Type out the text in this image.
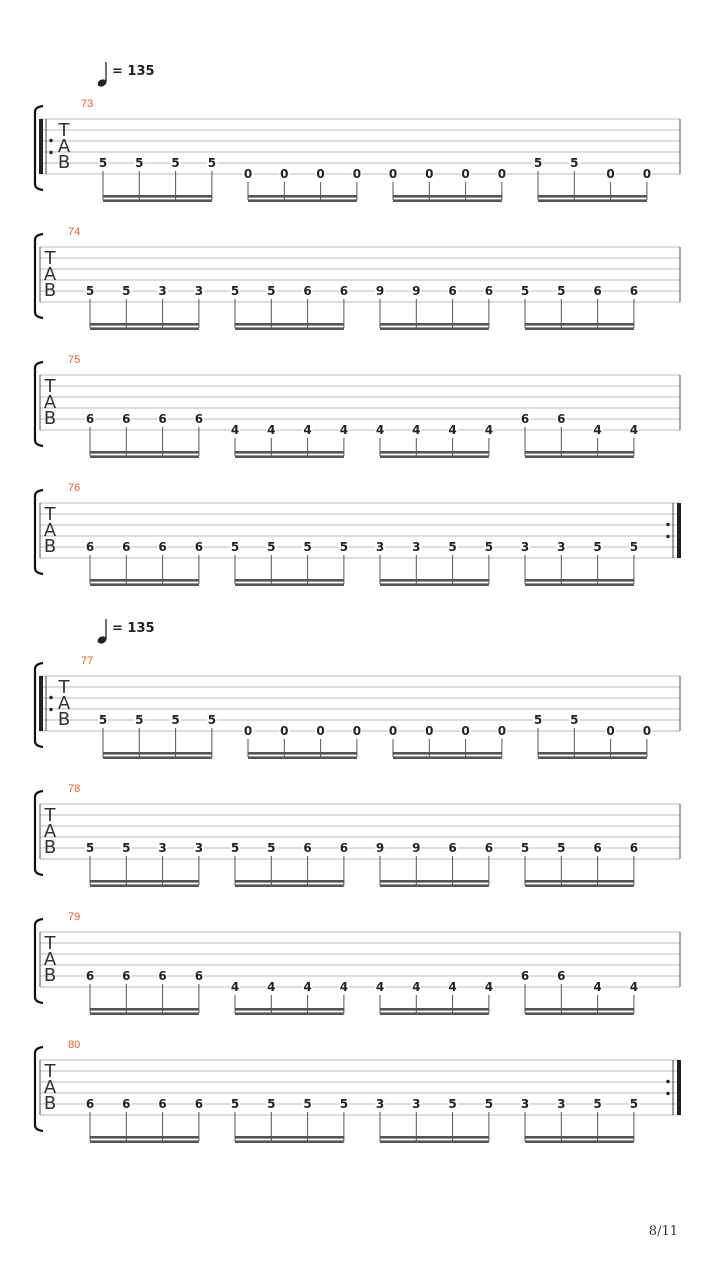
= 135
= 135
73
T
A
B 5 5 5 5
0 0 0 0 0 0 0 0
5 5
0 0
74
T
A
B 5 5 3 3 5 5 6 6 9 9 6 6 5 5 6 6
75
T
A
B 6 6 6 6
4 4 4 4 4 4 4 4
6 6
4 4
76
T
A
B 6 6 6 6 5 5 5 5 3 3 5 5 3 3 5 5
77
T
A
B 5 5 5 5
0 0 0 0 0 0 0 0
5 5
0 0
78
T
A
B 5 5 3 3 5 5 6 6 9 9 6 6 5 5 6 6
79
T
A
B 6 6 6 6
4 4 4 4 4 4 4 4
6 6
4 4
80
T
A
B 6 6 6 6 5 5 5 5 3 3 5 5 3 3 5 5
8/11
